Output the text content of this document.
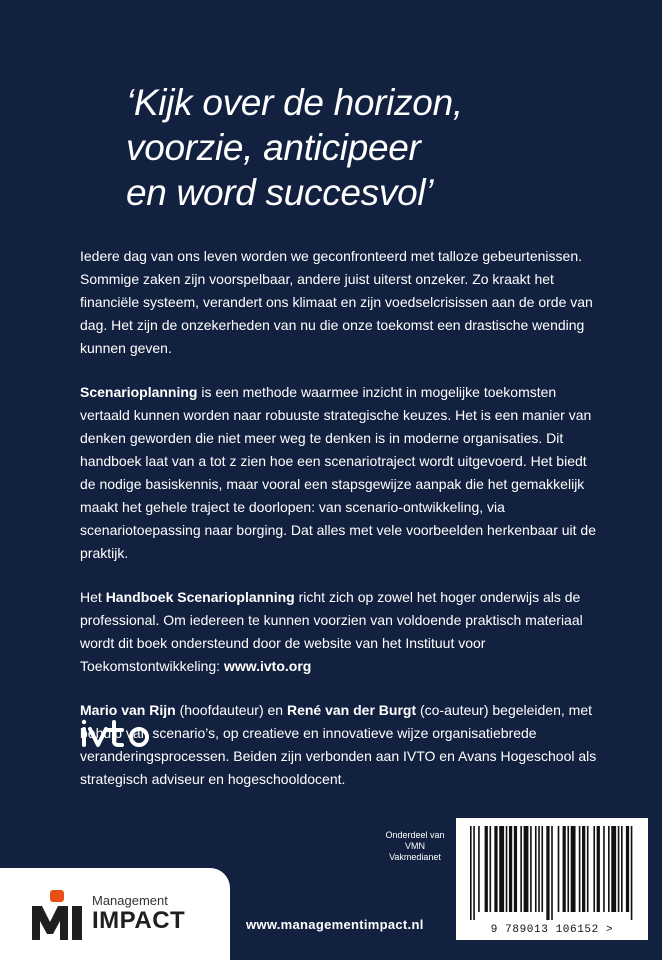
‘Kijk over de horizon,
voorzie, anticipeer
en word succesvol’

Iedere dag van ons leven worden we geconfronteerd met talloze gebeurtenissen. Sommige zaken zijn voorspelbaar, andere juist uiterst onzeker. Zo kraakt het financiële systeem, verandert ons klimaat en zijn voedselcrisissen aan de orde van dag. Het zijn de onzekerheden van nu die onze toekomst een drastische wending kunnen geven.

Scenarioplanning is een methode waarmee inzicht in mogelijke toekomsten vertaald kunnen worden naar robuuste strategische keuzes. Het is een manier van denken geworden die niet meer weg te denken is in moderne organisaties. Dit handboek laat van a tot z zien hoe een scenariotraject wordt uitgevoerd. Het biedt de nodige basiskennis, maar vooral een stapsgewijze aanpak die het gemakkelijk maakt het gehele traject te doorlopen: van scenario-ontwikkeling, via scenariotoepassing naar borging. Dat alles met vele voorbeelden herkenbaar uit de praktijk.

Het Handboek Scenarioplanning richt zich op zowel het hoger onderwijs als de professional. Om iedereen te kunnen voorzien van voldoende praktisch materiaal wordt dit boek ondersteund door de website van het Instituut voor Toekomstontwikkeling: www.ivto.org

Mario van Rijn (hoofdauteur) en René van der Burgt (co-auteur) begeleiden, met behulp van scenario’s, op creatieve en innovatieve wijze organisatiebrede veranderingsprocessen. Beiden zijn verbonden aan IVTO en Avans Hogeschool als strategisch adviseur en hogeschooldocent.

Onderdeel van
VMN
Vakmedianet
9 789013 106152 >
Management
IMPACT	www.managementimpact.nl
